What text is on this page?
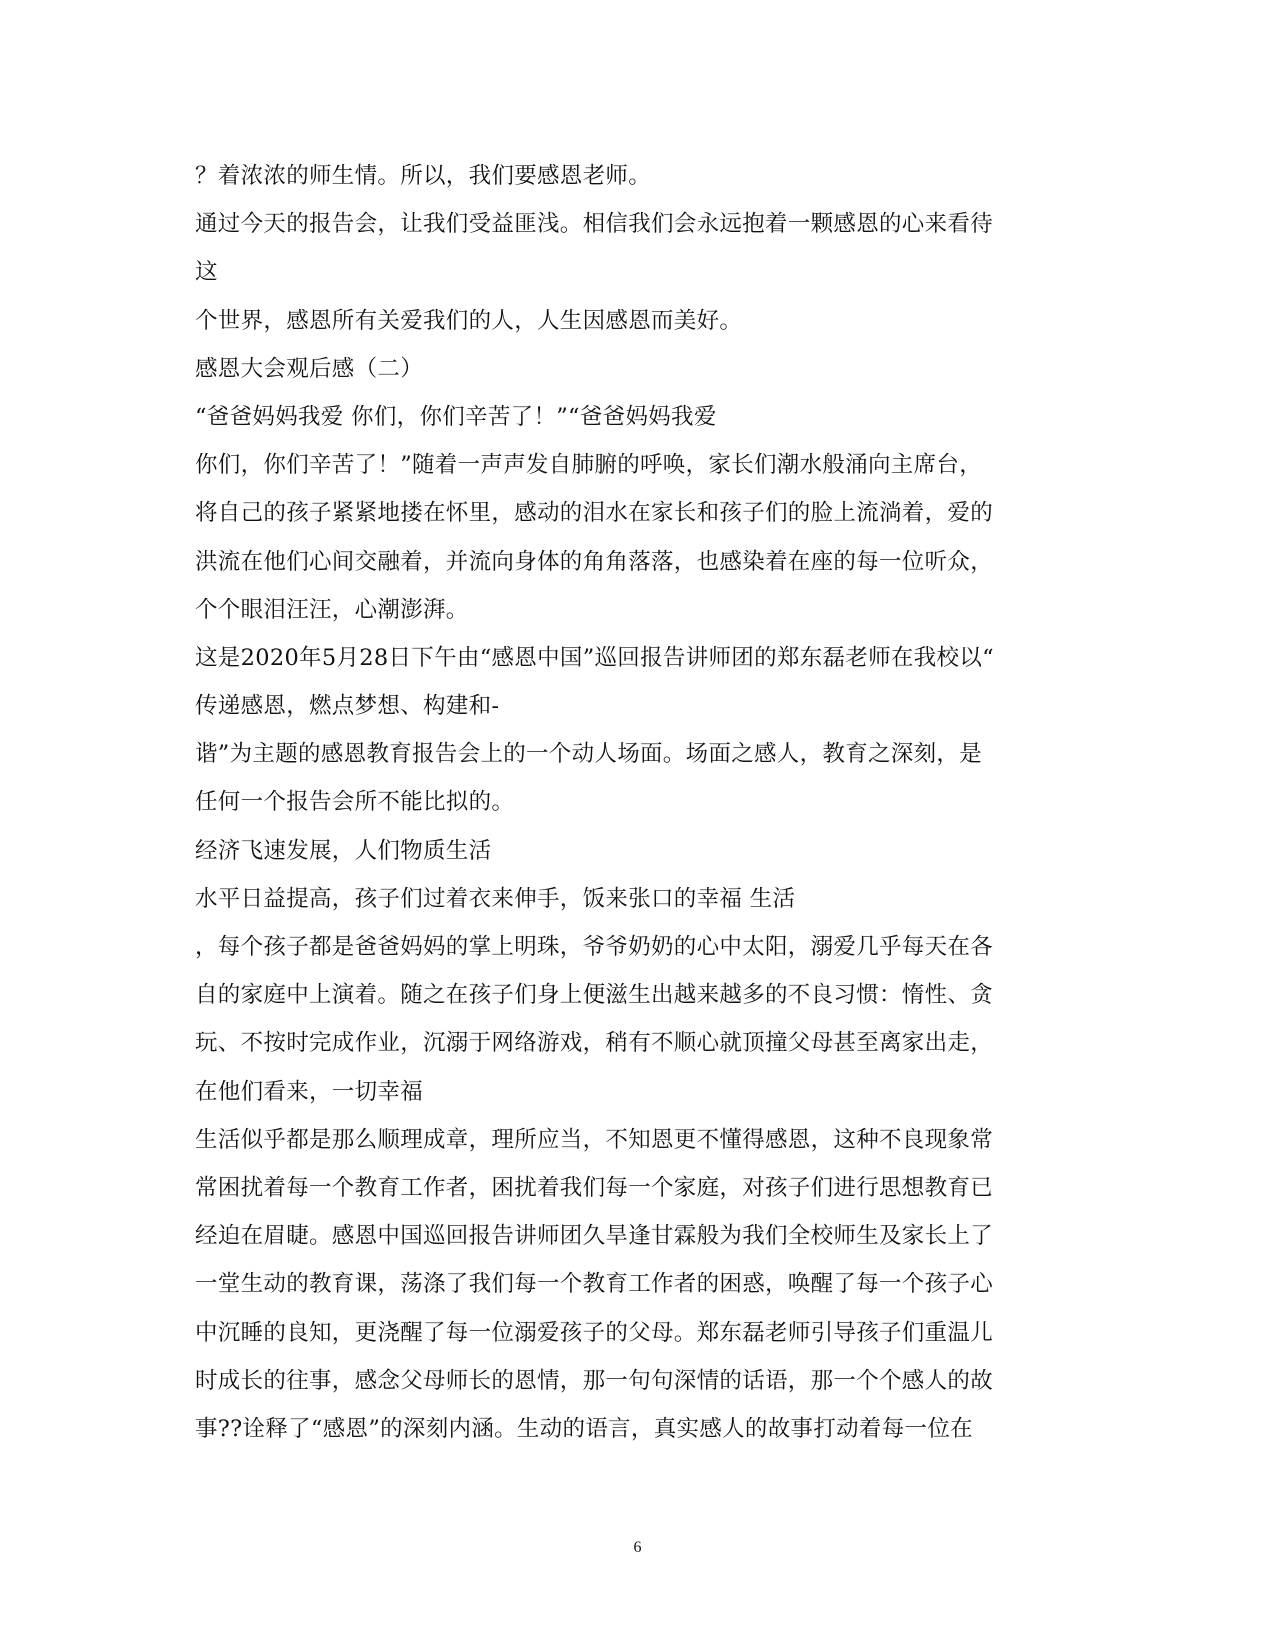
？着浓浓的师生情。所以，我们要感恩老师。
通过今天的报告会，让我们受益匪浅。相信我们会永远抱着一颗感恩的心来看待
这
个世界，感恩所有关爱我们的人，人生因感恩而美好。
感恩大会观后感（二）
“爸爸妈妈我爱 你们，你们辛苦了！”“爸爸妈妈我爱
你们，你们辛苦了！”随着一声声发自肺腑的呼唤，家长们潮水般涌向主席台，
将自己的孩子紧紧地搂在怀里，感动的泪水在家长和孩子们的脸上流淌着，爱的
洪流在他们心间交融着，并流向身体的角角落落，也感染着在座的每一位听众，
个个眼泪汪汪，心潮澎湃。
这是2020年5月28日下午由“感恩中国”巡回报告讲师团的郑东磊老师在我校以“
传递感恩，燃点梦想、构建和-
谐”为主题的感恩教育报告会上的一个动人场面。场面之感人，教育之深刻，是
任何一个报告会所不能比拟的。
经济飞速发展，人们物质生活
水平日益提高，孩子们过着衣来伸手，饭来张口的幸福 生活
，每个孩子都是爸爸妈妈的掌上明珠，爷爷奶奶的心中太阳，溺爱几乎每天在各
自的家庭中上演着。随之在孩子们身上便滋生出越来越多的不良习惯：惰性、贪
玩、不按时完成作业，沉溺于网络游戏，稍有不顺心就顶撞父母甚至离家出走，
在他们看来，一切幸福
生活似乎都是那么顺理成章，理所应当，不知恩更不懂得感恩，这种不良现象常
常困扰着每一个教育工作者，困扰着我们每一个家庭，对孩子们进行思想教育已
经迫在眉睫。感恩中国巡回报告讲师团久旱逢甘霖般为我们全校师生及家长上了
一堂生动的教育课，荡涤了我们每一个教育工作者的困惑，唤醒了每一个孩子心
中沉睡的良知，更浇醒了每一位溺爱孩子的父母。郑东磊老师引导孩子们重温儿
时成长的往事，感念父母师长的恩情，那一句句深情的话语，那一个个感人的故
事??诠释了“感恩”的深刻内涵。生动的语言，真实感人的故事打动着每一位在
6
